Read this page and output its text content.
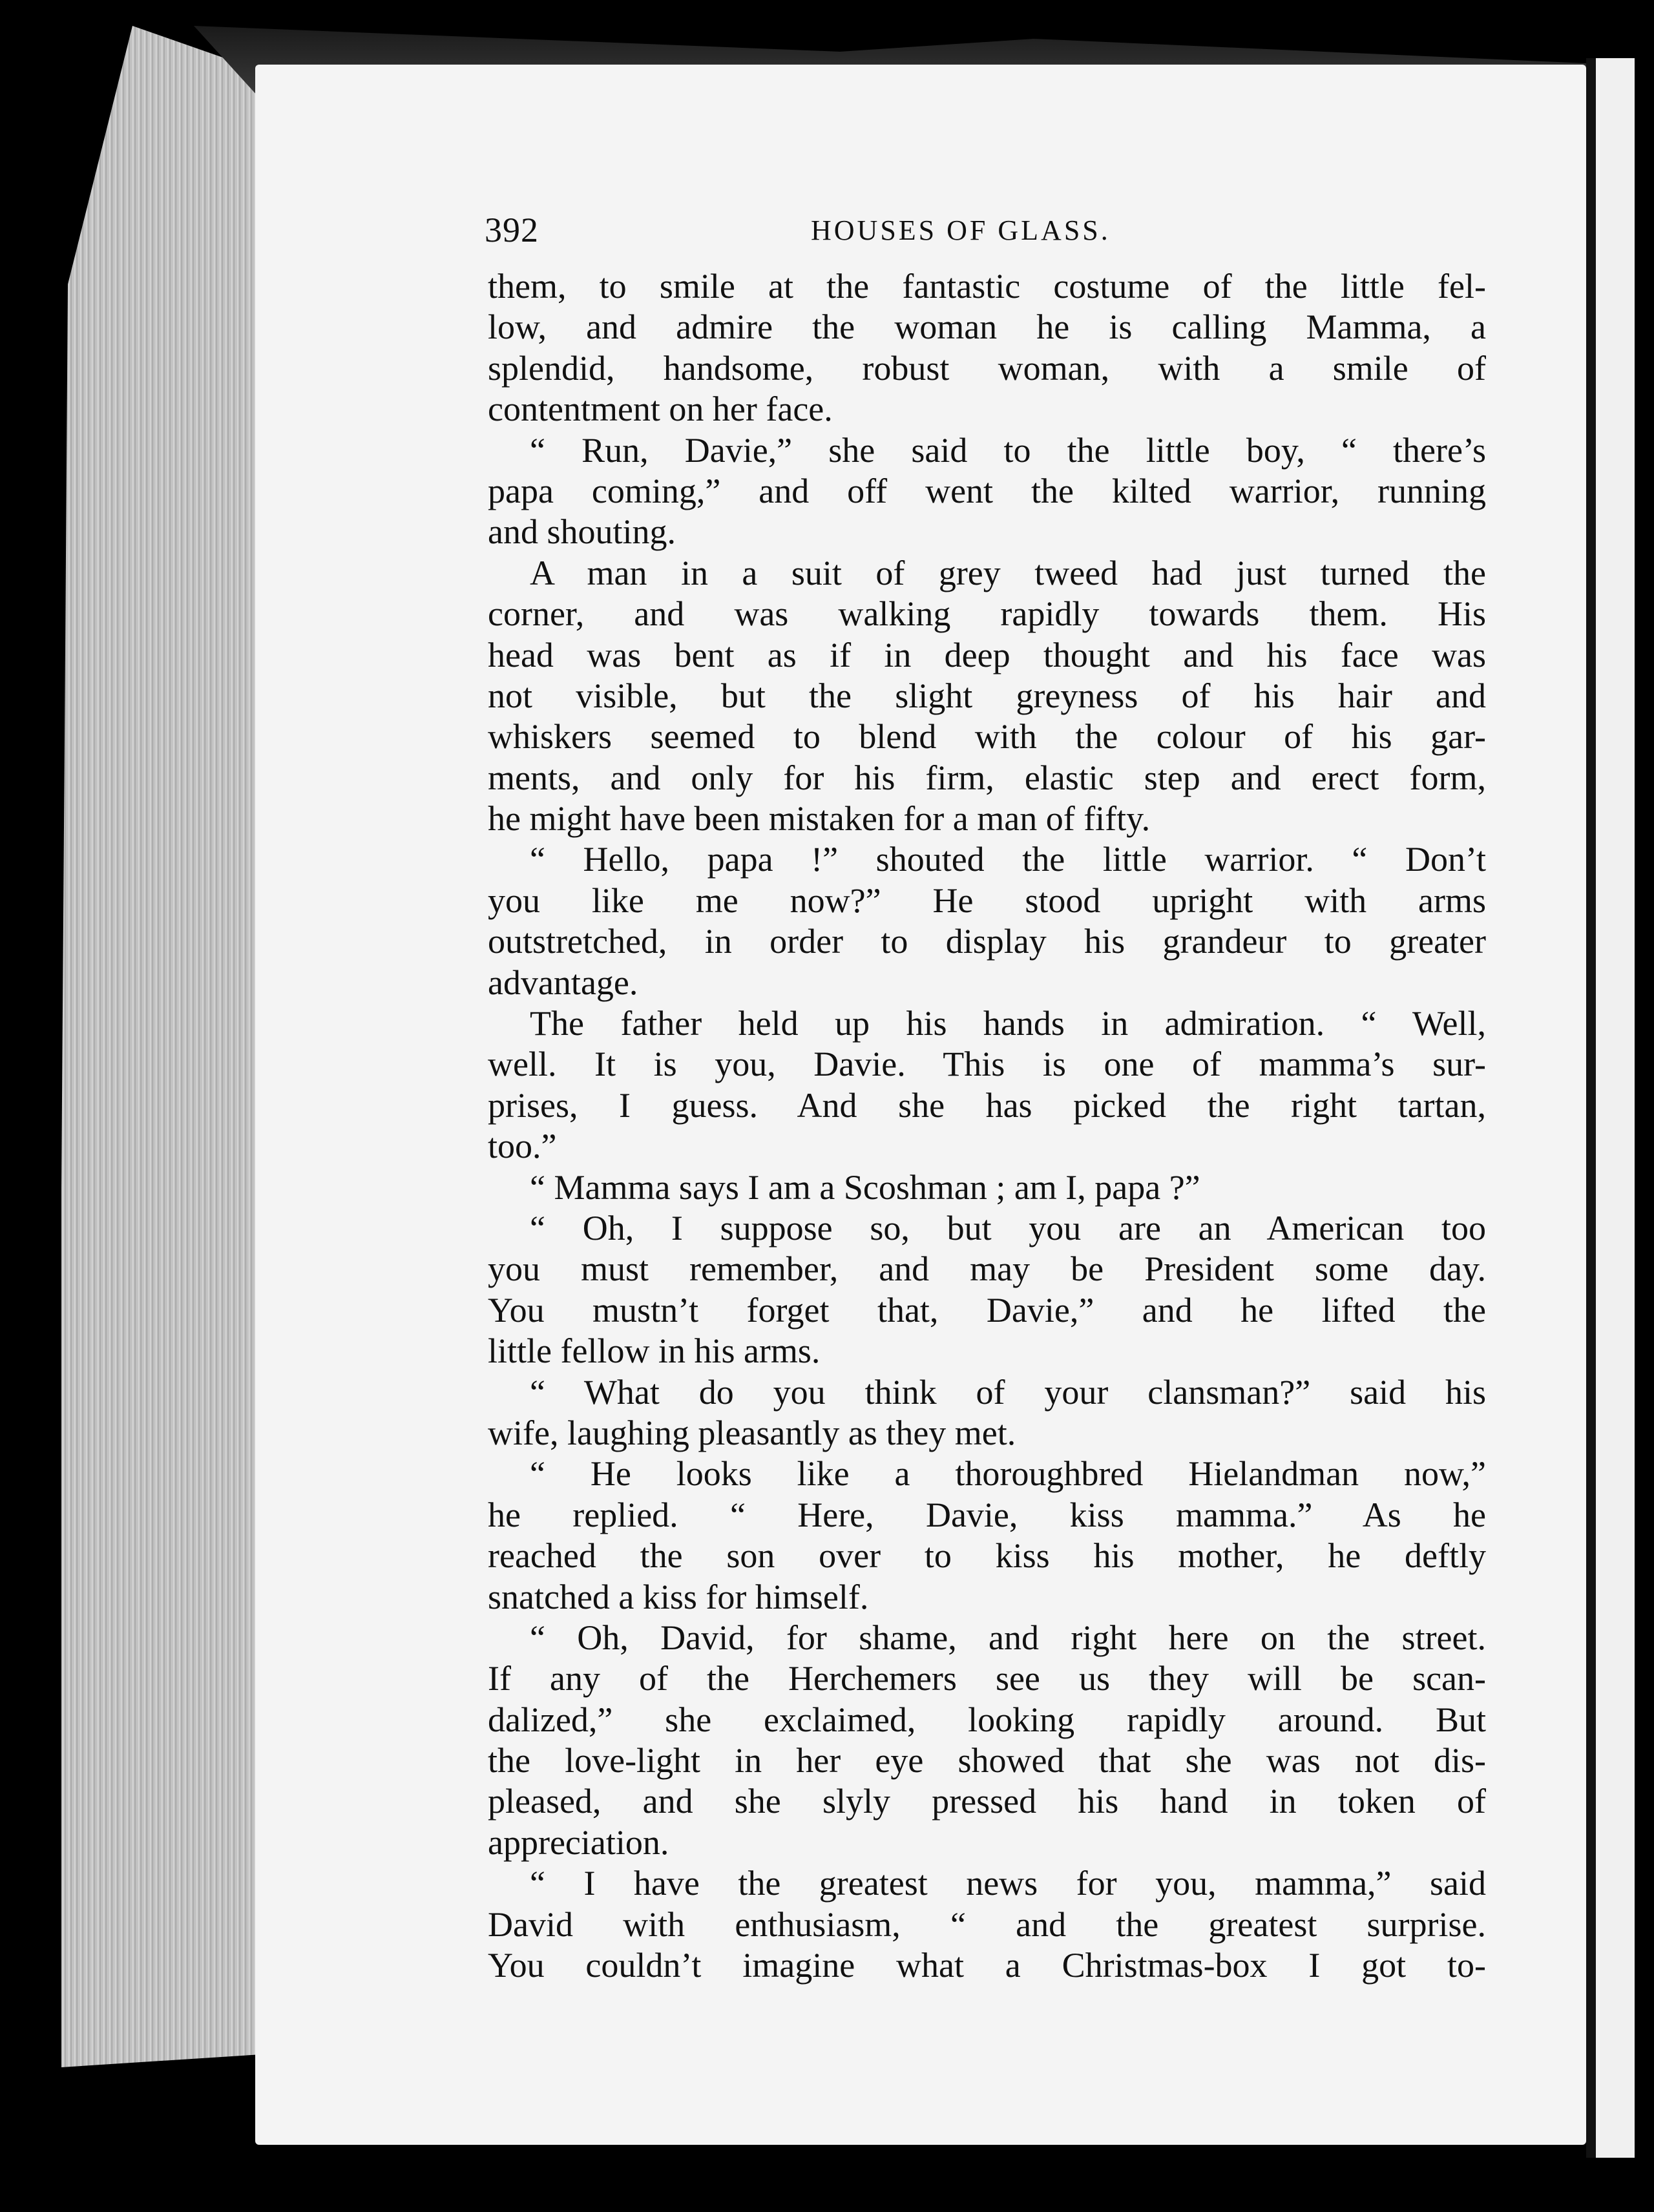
392	HOUSES OF GLASS.
them, to smile at the fantastic costume of the little fel-
low, and admire the woman he is calling Mamma, a
splendid, handsome, robust woman, with a smile of
contentment on her face.
“ Run, Davie,” she said to the little boy, “ there’s
papa coming,” and off went the kilted warrior, running
and shouting.
A man in a suit of grey tweed had just turned the
corner, and was walking rapidly towards them. His
head was bent as if in deep thought and his face was
not visible, but the slight greyness of his hair and
whiskers seemed to blend with the colour of his gar-
ments, and only for his firm, elastic step and erect form,
he might have been mistaken for a man of fifty.
“ Hello, papa !” shouted the little warrior. “ Don’t
you like me now?” He stood upright with arms
outstretched, in order to display his grandeur to greater
advantage.
The father held up his hands in admiration. “ Well,
well. It is you, Davie. This is one of mamma’s sur-
prises, I guess. And she has picked the right tartan,
too.”
“ Mamma says I am a Scoshman ; am I, papa ?”
“ Oh, I suppose so, but you are an American too
you must remember, and may be President some day.
You mustn’t forget that, Davie,” and he lifted the
little fellow in his arms.
“ What do you think of your clansman?” said his
wife, laughing pleasantly as they met.
“ He looks like a thoroughbred Hielandman now,”
he replied. “ Here, Davie, kiss mamma.” As he
reached the son over to kiss his mother, he deftly
snatched a kiss for himself.
“ Oh, David, for shame, and right here on the street.
If any of the Herchemers see us they will be scan-
dalized,” she exclaimed, looking rapidly around. But
the love-light in her eye showed that she was not dis-
pleased, and she slyly pressed his hand in token of
appreciation.
“ I have the greatest news for you, mamma,” said
David with enthusiasm, “ and the greatest surprise.
You couldn’t imagine what a Christmas-box I got to-
